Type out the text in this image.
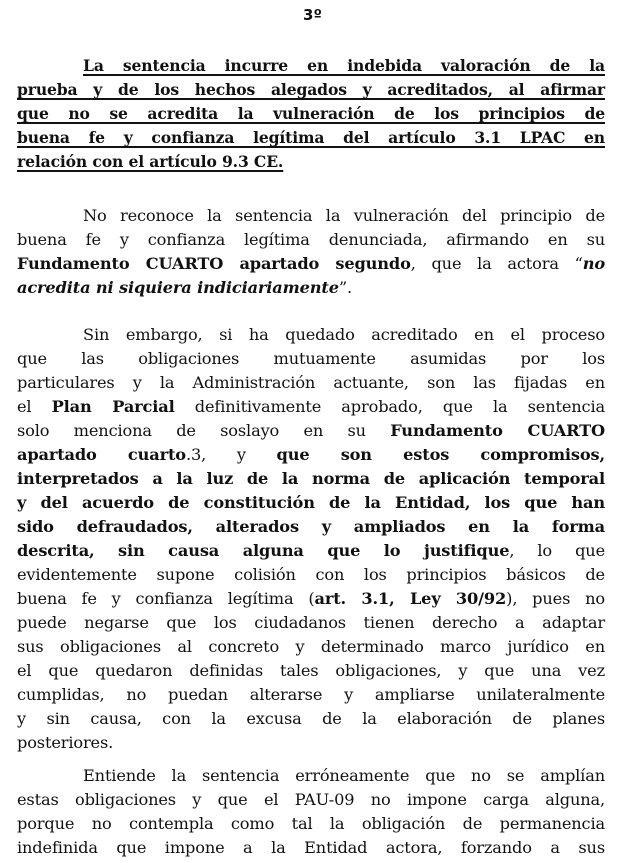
3º
La sentencia incurre en indebida valoración de la
prueba y de los hechos alegados y acreditados, al afirmar
que no se acredita la vulneración de los principios de
buena fe y confianza legítima del artículo 3.1 LPAC en
relación con el artículo 9.3 CE.
No reconoce la sentencia la vulneración del principio de
buena fe y confianza legítima denunciada, afirmando en su
Fundamento CUARTO apartado segundo, que la actora “no
acredita ni siquiera indiciariamente”.
Sin embargo, si ha quedado acreditado en el proceso
que las obligaciones mutuamente asumidas por los
particulares y la Administración actuante, son las fijadas en
el Plan Parcial definitivamente aprobado, que la sentencia
solo menciona de soslayo en su Fundamento CUARTO
apartado cuarto.3, y que son estos compromisos,
interpretados a la luz de la norma de aplicación temporal
y del acuerdo de constitución de la Entidad, los que han
sido defraudados, alterados y ampliados en la forma
descrita, sin causa alguna que lo justifique, lo que
evidentemente supone colisión con los principios básicos de
buena fe y confianza legítima (art. 3.1, Ley 30/92), pues no
puede negarse que los ciudadanos tienen derecho a adaptar
sus obligaciones al concreto y determinado marco jurídico en
el que quedaron definidas tales obligaciones, y que una vez
cumplidas, no puedan alterarse y ampliarse unilateralmente
y sin causa, con la excusa de la elaboración de planes
posteriores.
Entiende la sentencia erróneamente que no se amplían
estas obligaciones y que el PAU-09 no impone carga alguna,
porque no contempla como tal la obligación de permanencia
indefinida que impone a la Entidad actora, forzando a sus
